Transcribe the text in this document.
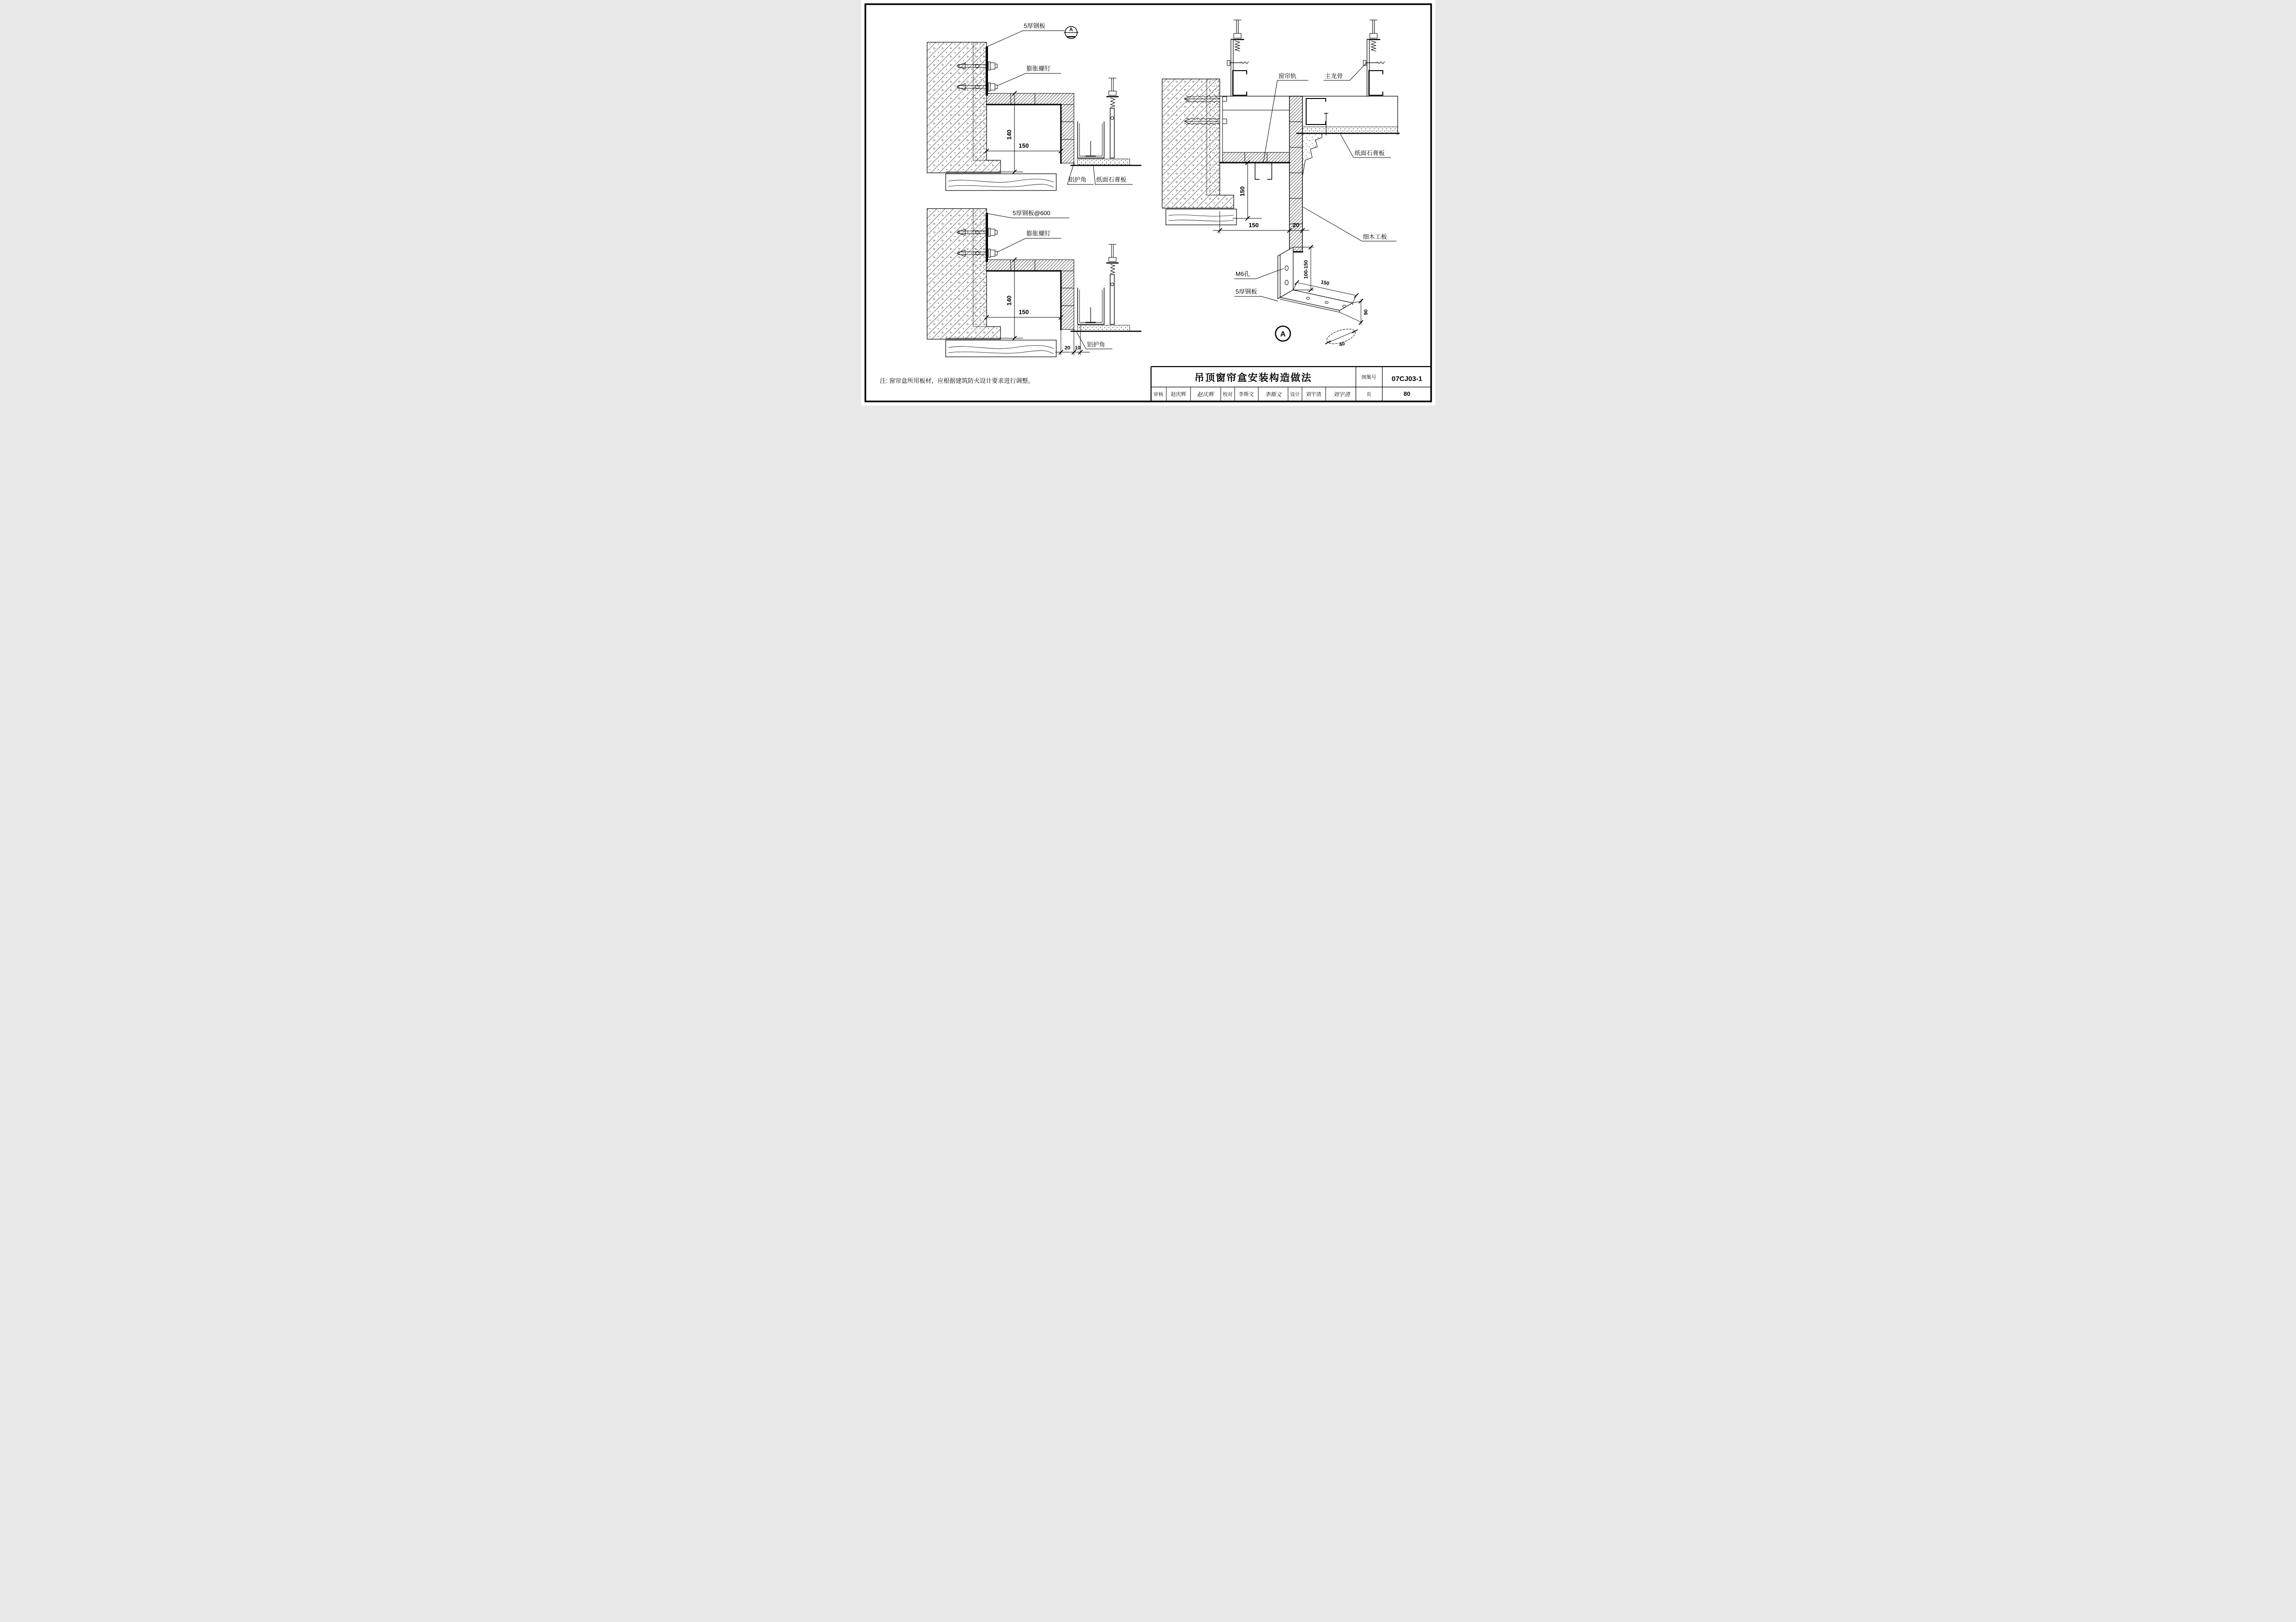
140
150
5厚钢板
A
膨胀螺钉
铝护角 纸面石膏板
140
150
20 10
5厚钢板@600
膨胀螺钉
铝护角
窗帘轨	主龙骨
纸面石膏板
细木工板
150
150	20
100-150
150
90
40
M6孔
5厚钢板
A
注: 窗帘盒所用板材，应根据建筑防火设计要求进行调整。	吊顶窗帘盒安装构造做法	图集号 07CJ03-1
审核 赵庆辉 赵庆辉 校对 李斯文 李斯文 设计 刘宇清 刘宇清	页	80
